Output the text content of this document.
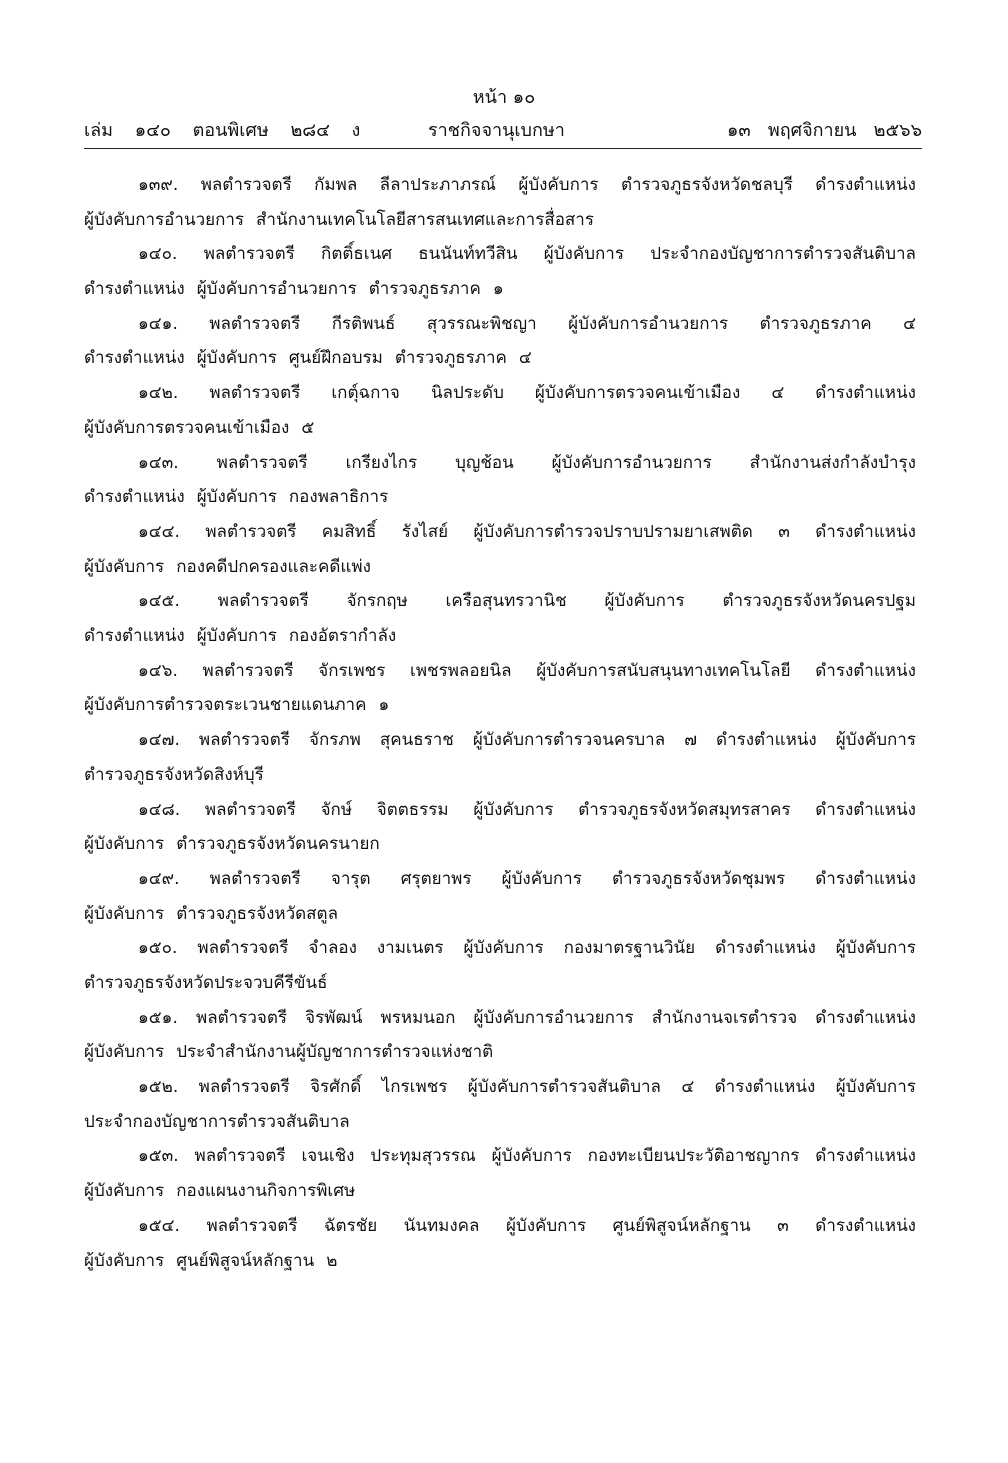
หน้า ๑๐
เล่ม ๑๔๐ ตอนพิเศษ ๒๘๔ ง	ราชกิจจานุเบกษา	๑๓ พฤศจิกายน ๒๕๖๖
๑๓๙. พลตำรวจตรี กัมพล ลีลาประภาภรณ์ ผู้บังคับการ ตำรวจภูธรจังหวัดชลบุรี ดำรงตำแหน่ง
ผู้บังคับการอำนวยการ สำนักงานเทคโนโลยีสารสนเทศและการสื่อสาร
๑๔๐. พลตำรวจตรี กิตติ์ธเนศ ธนนันท์ทวีสิน ผู้บังคับการ ประจำกองบัญชาการตำรวจสันติบาล
ดำรงตำแหน่ง ผู้บังคับการอำนวยการ ตำรวจภูธรภาค ๑
๑๔๑. พลตำรวจตรี กีรติพนธ์ สุวรรณะพิชญา ผู้บังคับการอำนวยการ ตำรวจภูธรภาค ๔
ดำรงตำแหน่ง ผู้บังคับการ ศูนย์ฝึกอบรม ตำรวจภูธรภาค ๔
๑๔๒. พลตำรวจตรี เกตุ์ฉกาจ นิลประดับ ผู้บังคับการตรวจคนเข้าเมือง ๔ ดำรงตำแหน่ง
ผู้บังคับการตรวจคนเข้าเมือง ๕
๑๔๓. พลตำรวจตรี เกรียงไกร บุญช้อน ผู้บังคับการอำนวยการ สำนักงานส่งกำลังบำรุง
ดำรงตำแหน่ง ผู้บังคับการ กองพลาธิการ
๑๔๔. พลตำรวจตรี คมสิทธิ์ รังไสย์ ผู้บังคับการตำรวจปราบปรามยาเสพติด ๓ ดำรงตำแหน่ง
ผู้บังคับการ กองคดีปกครองและคดีแพ่ง
๑๔๕. พลตำรวจตรี จักรกฤษ เครือสุนทรวานิช ผู้บังคับการ ตำรวจภูธรจังหวัดนครปฐม
ดำรงตำแหน่ง ผู้บังคับการ กองอัตรากำลัง
๑๔๖. พลตำรวจตรี จักรเพชร เพชรพลอยนิล ผู้บังคับการสนับสนุนทางเทคโนโลยี ดำรงตำแหน่ง
ผู้บังคับการตำรวจตระเวนชายแดนภาค ๑
๑๔๗. พลตำรวจตรี จักรภพ สุคนธราช ผู้บังคับการตำรวจนครบาล ๗ ดำรงตำแหน่ง ผู้บังคับการ
ตำรวจภูธรจังหวัดสิงห์บุรี
๑๔๘. พลตำรวจตรี จักษ์ จิตตธรรม ผู้บังคับการ ตำรวจภูธรจังหวัดสมุทรสาคร ดำรงตำแหน่ง
ผู้บังคับการ ตำรวจภูธรจังหวัดนครนายก
๑๔๙. พลตำรวจตรี จารุต ศรุตยาพร ผู้บังคับการ ตำรวจภูธรจังหวัดชุมพร ดำรงตำแหน่ง
ผู้บังคับการ ตำรวจภูธรจังหวัดสตูล
๑๕๐. พลตำรวจตรี จำลอง งามเนตร ผู้บังคับการ กองมาตรฐานวินัย ดำรงตำแหน่ง ผู้บังคับการ
ตำรวจภูธรจังหวัดประจวบคีรีขันธ์
๑๕๑. พลตำรวจตรี จิรพัฒน์ พรหมนอก ผู้บังคับการอำนวยการ สำนักงานจเรตำรวจ ดำรงตำแหน่ง
ผู้บังคับการ ประจำสำนักงานผู้บัญชาการตำรวจแห่งชาติ
๑๕๒. พลตำรวจตรี จิรศักดิ์ ไกรเพชร ผู้บังคับการตำรวจสันติบาล ๔ ดำรงตำแหน่ง ผู้บังคับการ
ประจำกองบัญชาการตำรวจสันติบาล
๑๕๓. พลตำรวจตรี เจนเชิง ประทุมสุวรรณ ผู้บังคับการ กองทะเบียนประวัติอาชญากร ดำรงตำแหน่ง
ผู้บังคับการ กองแผนงานกิจการพิเศษ
๑๕๔. พลตำรวจตรี ฉัตรชัย นันทมงคล ผู้บังคับการ ศูนย์พิสูจน์หลักฐาน ๓ ดำรงตำแหน่ง
ผู้บังคับการ ศูนย์พิสูจน์หลักฐาน ๒
